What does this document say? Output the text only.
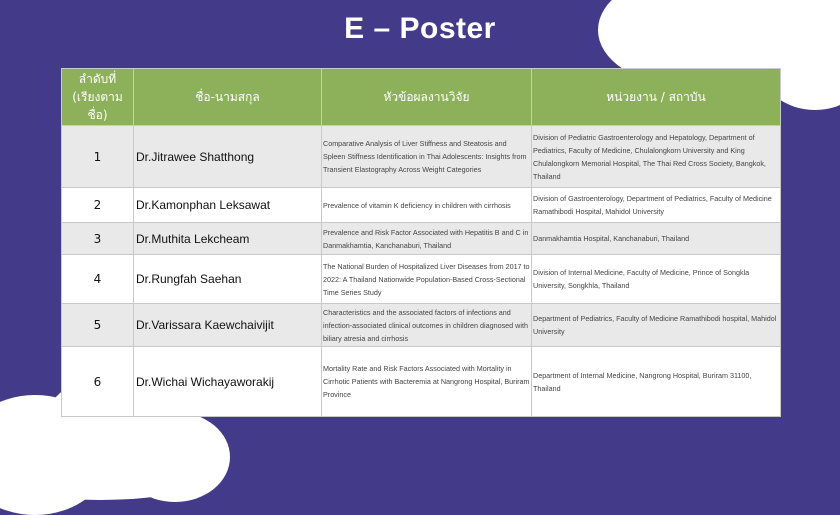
E – Poster
ลำดับที่
(เรียงตามชื่อ)	ชื่อ-นามสกุล	หัวข้อผลงานวิจัย	หน่วยงาน / สถาบัน
1	Dr.Jitrawee Shatthong	Comparative Analysis of Liver Stiffness and Steatosis and Spleen Stiffness Identification in Thai Adolescents: Insights from Transient Elastography Across Weight Categories	Division of Pediatric Gastroenterology and Hepatology, Department of Pediatrics, Faculty of Medicine, Chulalongkorn University and King Chulalongkorn Memorial Hospital, The Thai Red Cross Society, Bangkok, Thailand
2	Dr.Kamonphan Leksawat	Prevalence of vitamin K deficiency in children with cirrhosis	Division of Gastroenterology, Department of Pediatrics, Faculty of Medicine Ramathibodi Hospital, Mahidol University
3	Dr.Muthita Lekcheam	Prevalence and Risk Factor Associated with Hepatitis B and C in Danmakhamtia, Kanchanaburi, Thailand	Danmakhamtia Hospital, Kanchanaburi, Thailand
4	Dr.Rungfah Saehan	The National Burden of Hospitalized Liver Diseases from 2017 to 2022: A Thailand Nationwide Population-Based Cross-Sectional Time Series Study	Division of Internal Medicine, Faculty of Medicine, Prince of Songkla University, Songkhla, Thailand
5	Dr.Varissara Kaewchaivijit	Characteristics and the associated factors of infections and infection-associated clinical outcomes in children diagnosed with biliary atresia and cirrhosis	Department of Pediatrics, Faculty of Medicine Ramathibodi hospital, Mahidol University
6	Dr.Wichai Wichayaworakij	Mortality Rate and Risk Factors Associated with Mortality in Cirrhotic Patients with Bacteremia at Nangrong Hospital, Buriram Province	Department of Internal Medicine, Nangrong Hospital, Buriram 31100, Thailand
